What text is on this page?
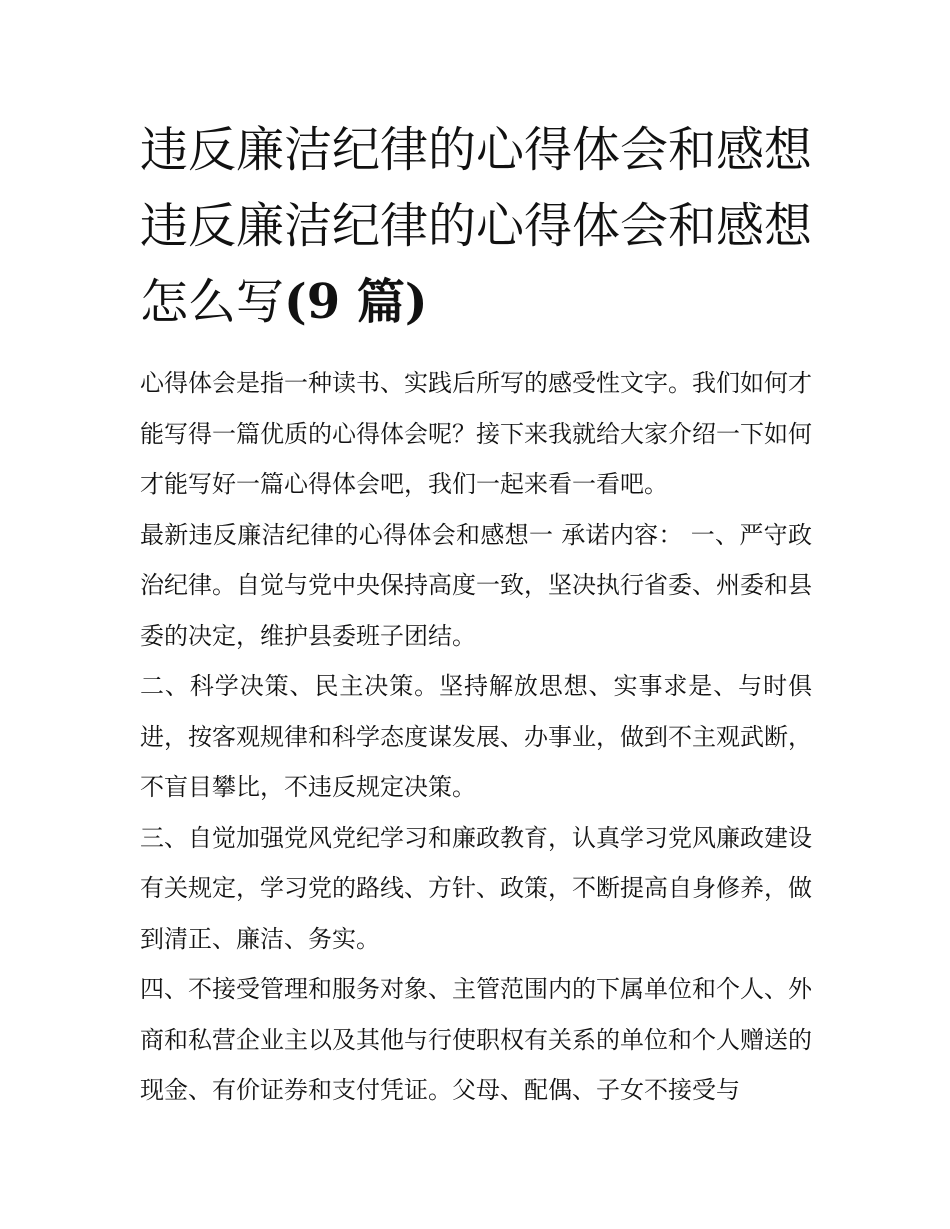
违反廉洁纪律的心得体会和感想 违反廉洁纪律的心得体会和感想怎么写(9 篇)

心得体会是指一种读书、实践后所写的感受性文字。我们如何才能写得一篇优质的心得体会呢？接下来我就给大家介绍一下如何才能写好一篇心得体会吧，我们一起来看一看吧。

最新违反廉洁纪律的心得体会和感想一 承诺内容： 一、严守政治纪律。自觉与党中央保持高度一致，坚决执行省委、州委和县委的决定，维护县委班子团结。

二、科学决策、民主决策。坚持解放思想、实事求是、与时俱进，按客观规律和科学态度谋发展、办事业，做到不主观武断，不盲目攀比，不违反规定决策。

三、自觉加强党风党纪学习和廉政教育，认真学习党风廉政建设有关规定，学习党的路线、方针、政策，不断提高自身修养，做到清正、廉洁、务实。

四、不接受管理和服务对象、主管范围内的下属单位和个人、外商和私营企业主以及其他与行使职权有关系的单位和个人赠送的现金、有价证券和支付凭证。父母、配偶、子女不接受与
